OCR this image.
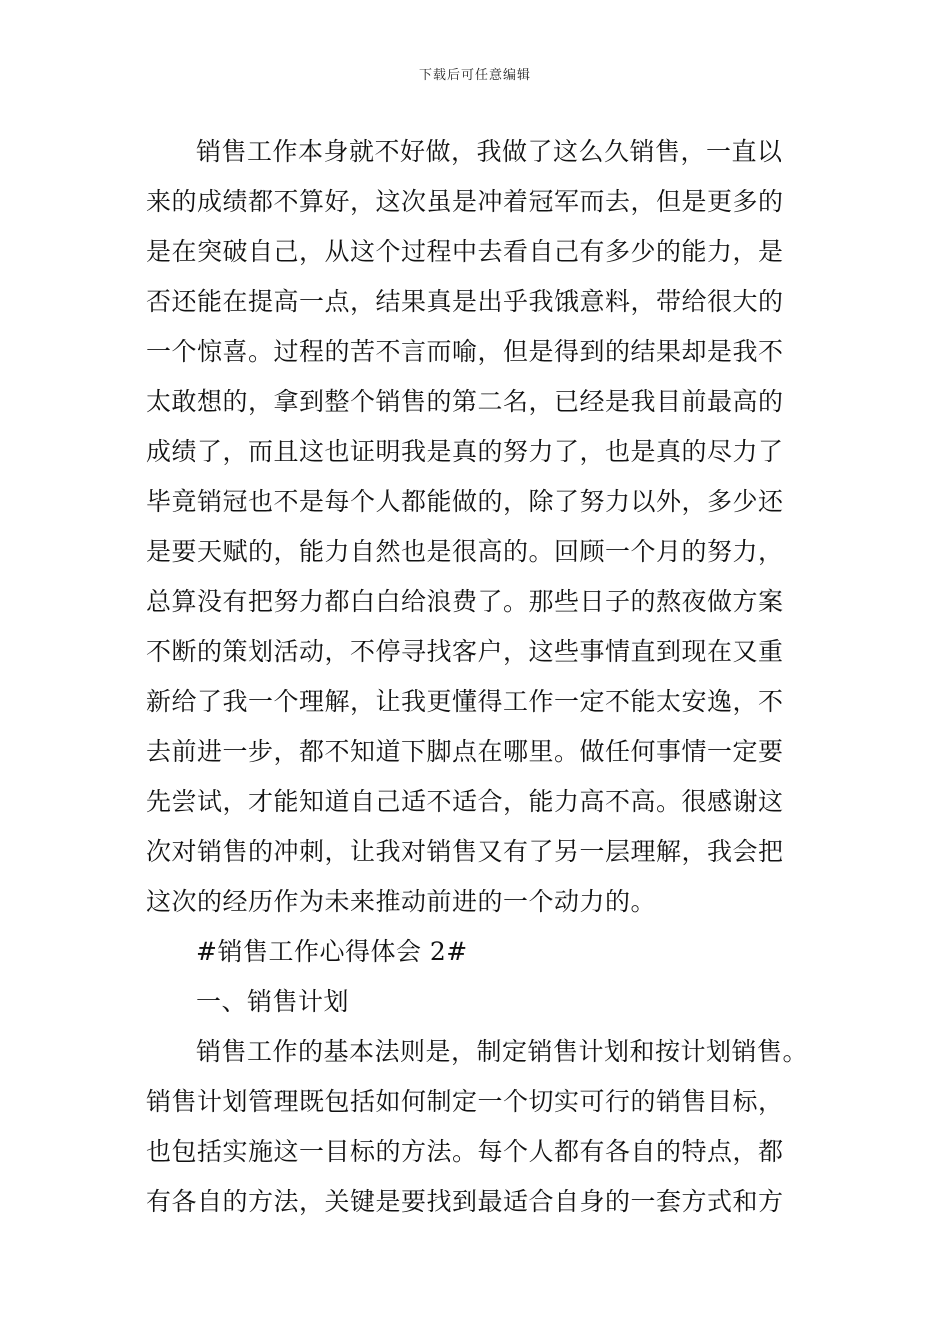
下载后可任意编辑
销售工作本身就不好做，我做了这么久销售，一直以
来的成绩都不算好，这次虽是冲着冠军而去，但是更多的
是在突破自己，从这个过程中去看自己有多少的能力，是
否还能在提高一点，结果真是出乎我饿意料，带给很大的
一个惊喜。过程的苦不言而喻，但是得到的结果却是我不
太敢想的，拿到整个销售的第二名，已经是我目前最高的
成绩了，而且这也证明我是真的努力了，也是真的尽力了
毕竟销冠也不是每个人都能做的，除了努力以外，多少还
是要天赋的，能力自然也是很高的。回顾一个月的努力，
总算没有把努力都白白给浪费了。那些日子的熬夜做方案
不断的策划活动，不停寻找客户，这些事情直到现在又重
新给了我一个理解，让我更懂得工作一定不能太安逸，不
去前进一步，都不知道下脚点在哪里。做任何事情一定要
先尝试，才能知道自己适不适合，能力高不高。很感谢这
次对销售的冲刺，让我对销售又有了另一层理解，我会把
这次的经历作为未来推动前进的一个动力的。
#销售工作心得体会 2#
一、销售计划
销售工作的基本法则是，制定销售计划和按计划销售。
销售计划管理既包括如何制定一个切实可行的销售目标，
也包括实施这一目标的方法。每个人都有各自的特点，都
有各自的方法，关键是要找到最适合自身的一套方式和方
